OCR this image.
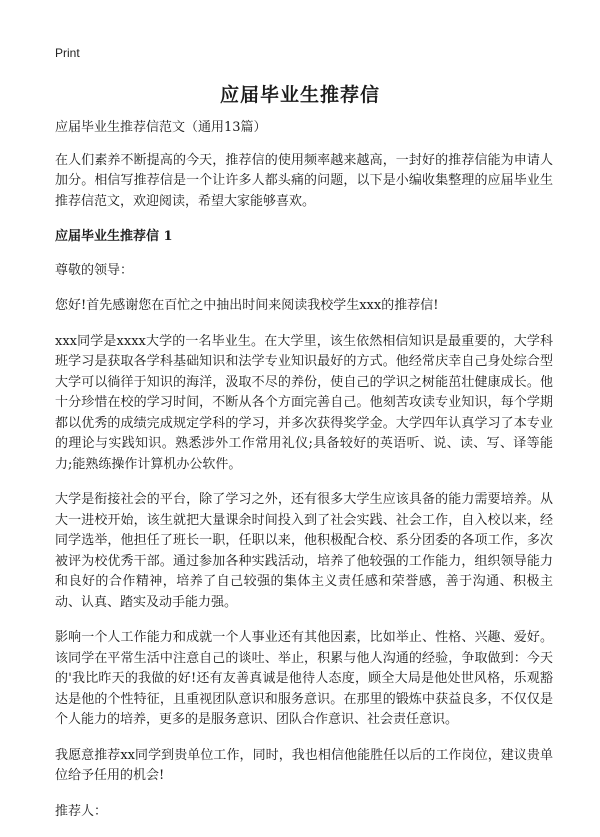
Print
应届毕业生推荐信

应届毕业生推荐信范文（通用13篇）

在人们素养不断提高的今天，推荐信的使用频率越来越高，一封好的推荐信能为申请人加分。相信写推荐信是一个让许多人都头痛的问题，以下是小编收集整理的应届毕业生推荐信范文，欢迎阅读，希望大家能够喜欢。

应届毕业生推荐信 1

尊敬的领导：

您好!首先感谢您在百忙之中抽出时间来阅读我校学生xxx的推荐信!

xxx同学是xxxx大学的一名毕业生。在大学里，该生依然相信知识是最重要的，大学科班学习是获取各学科基础知识和法学专业知识最好的方式。他经常庆幸自己身处综合型大学可以徜徉于知识的海洋，汲取不尽的养份，使自己的学识之树能茁壮健康成长。他十分珍惜在校的学习时间，不断从各个方面完善自己。他刻苦攻读专业知识，每个学期都以优秀的成绩完成规定学科的学习，并多次获得奖学金。大学四年认真学习了本专业的理论与实践知识。熟悉涉外工作常用礼仪;具备较好的英语听、说、读、写、译等能力;能熟练操作计算机办公软件。

大学是衔接社会的平台，除了学习之外，还有很多大学生应该具备的能力需要培养。从大一进校开始，该生就把大量课余时间投入到了社会实践、社会工作，自入校以来，经同学选举，他担任了班长一职，任职以来，他积极配合校、系分团委的各项工作，多次被评为校优秀干部。通过参加各种实践活动，培养了他较强的工作能力，组织领导能力和良好的合作精神，培养了自己较强的集体主义责任感和荣誉感，善于沟通、积极主动、认真、踏实及动手能力强。

影响一个人工作能力和成就一个人事业还有其他因素，比如举止、性格、兴趣、爱好。该同学在平常生活中注意自己的谈吐、举止，积累与他人沟通的经验，争取做到：今天的'我比昨天的我做的好!还有友善真诚是他待人态度，顾全大局是他处世风格，乐观豁达是他的个性特征，且重视团队意识和服务意识。在那里的锻炼中获益良多，不仅仅是个人能力的培养，更多的是服务意识、团队合作意识、社会责任意识。

我愿意推荐xx同学到贵单位工作，同时，我也相信他能胜任以后的工作岗位，建议贵单位给予任用的机会!

推荐人：
